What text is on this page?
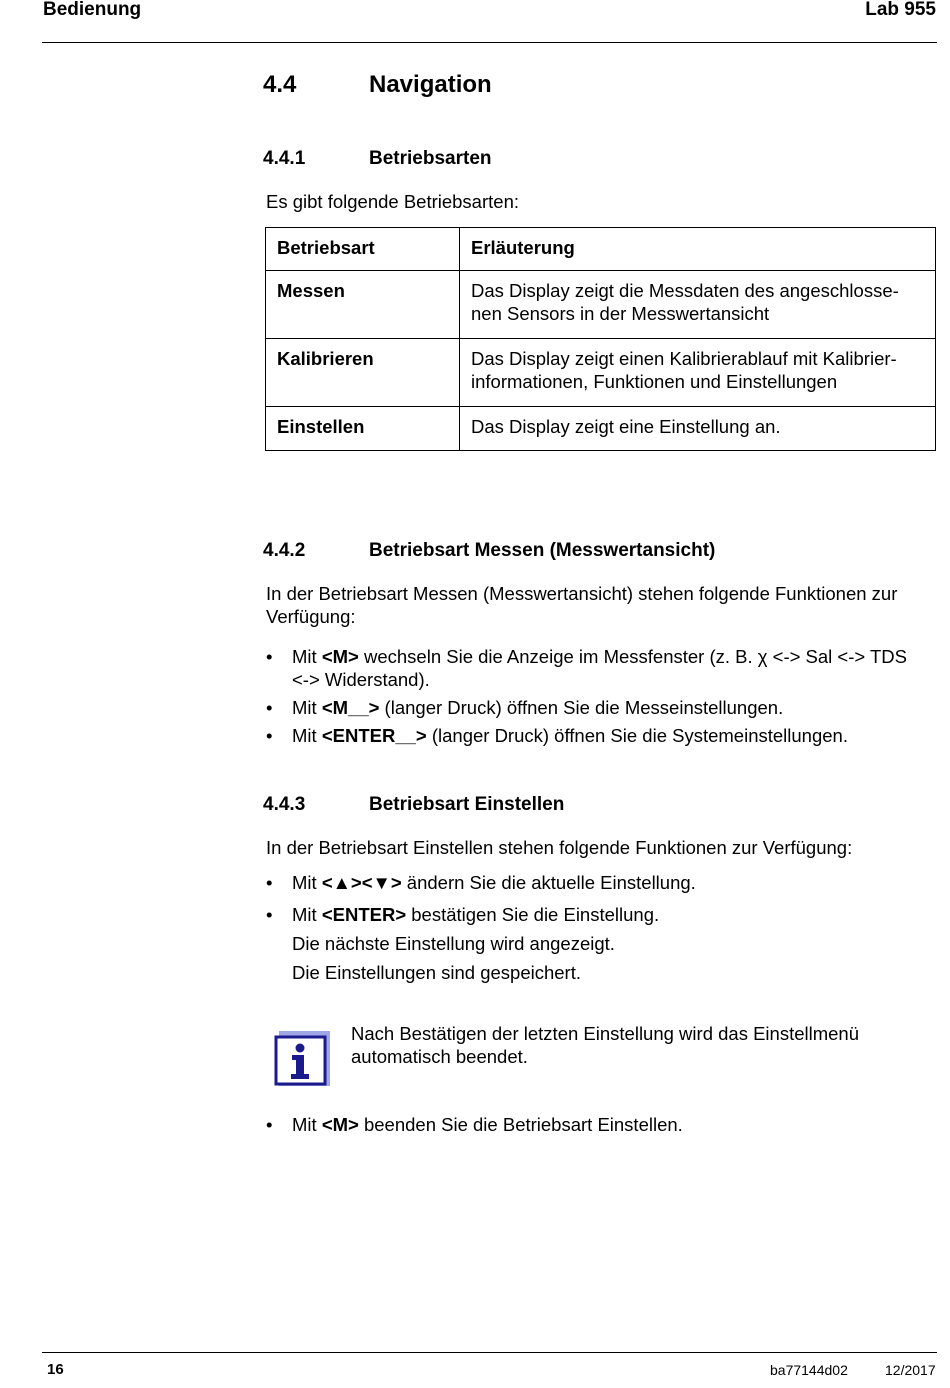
Bedienung	Lab 955
4.4	Navigation
4.4.1	Betriebsarten
Es gibt folgende Betriebsarten:
Betriebsart	Erläuterung
Messen	Das Display zeigt die Messdaten des angeschlosse-
nen Sensors in der Messwertansicht
Kalibrieren	Das Display zeigt einen Kalibrierablauf mit Kalibrier-
informationen, Funktionen und Einstellungen
Einstellen	Das Display zeigt eine Einstellung an.
4.4.2	Betriebsart Messen (Messwertansicht)
In der Betriebsart Messen (Messwertansicht) stehen folgende Funktionen zur
Verfügung:
• Mit <M> wechseln Sie die Anzeige im Messfenster (z. B. χ <-> Sal <-> TDS
<-> Widerstand).
• Mit <M__> (langer Druck) öffnen Sie die Messeinstellungen.
• Mit <ENTER__> (langer Druck) öffnen Sie die Systemeinstellungen.
4.4.3	Betriebsart Einstellen
In der Betriebsart Einstellen stehen folgende Funktionen zur Verfügung:
• Mit <▲><▼> ändern Sie die aktuelle Einstellung.
• Mit <ENTER> bestätigen Sie die Einstellung.
Die nächste Einstellung wird angezeigt.
Die Einstellungen sind gespeichert.
Nach Bestätigen der letzten Einstellung wird das Einstellmenü
automatisch beendet.
• Mit <M> beenden Sie die Betriebsart Einstellen.
16	ba77144d02	12/2017
